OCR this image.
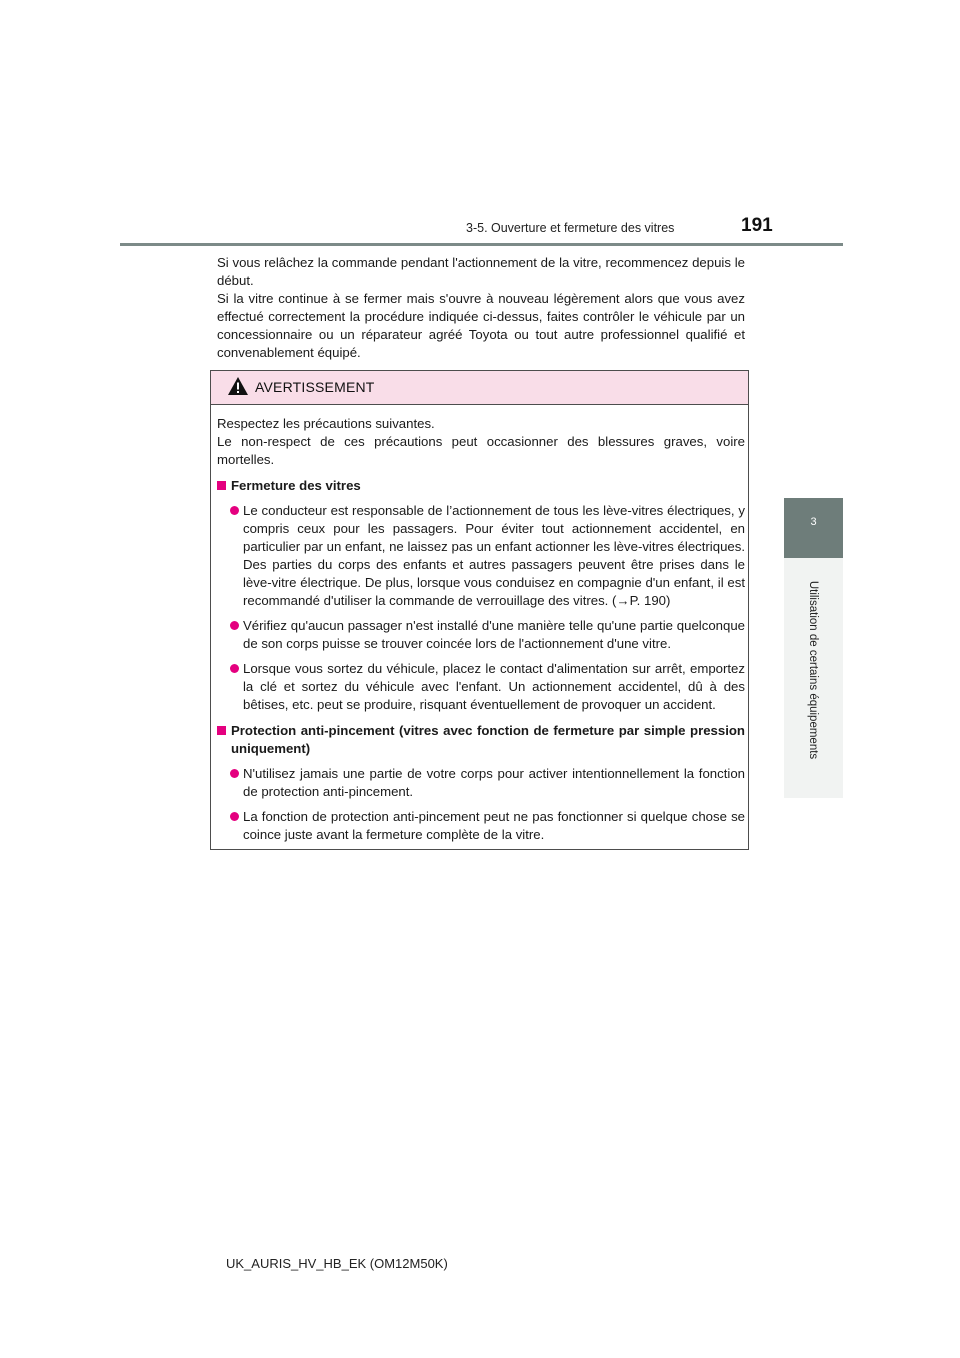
3-5. Ouverture et fermeture des vitres	191
3
Utilisation de certains équipements

Si vous relâchez la commande pendant l'actionnement de la vitre, recommencez depuis le début.

Si la vitre continue à se fermer mais s'ouvre à nouveau légèrement alors que vous avez effectué correctement la procédure indiquée ci-dessus, faites contrôler le véhicule par un concessionnaire ou un réparateur agréé Toyota ou tout autre professionnel qualifié et convenablement équipé.

AVERTISSEMENT

Respectez les précautions suivantes.

Le non-respect de ces précautions peut occasionner des blessures graves, voire mortelles.

Fermeture des vitres

Le conducteur est responsable de l’actionnement de tous les lève-vitres électriques, y compris ceux pour les passagers. Pour éviter tout actionnement accidentel, en particulier par un enfant, ne laissez pas un enfant actionner les lève-vitres électriques. Des parties du corps des enfants et autres passagers peuvent être prises dans le lève-vitre électrique. De plus, lorsque vous conduisez en compagnie d'un enfant, il est recommandé d'utiliser la commande de verrouillage des vitres. (→P. 190)

Vérifiez qu'aucun passager n'est installé d'une manière telle qu'une partie quelconque de son corps puisse se trouver coincée lors de l'actionnement d'une vitre.

Lorsque vous sortez du véhicule, placez le contact d'alimentation sur arrêt, emportez la clé et sortez du véhicule avec l'enfant. Un actionnement accidentel, dû à des bêtises, etc. peut se produire, risquant éventuellement de provoquer un accident.

Protection anti-pincement (vitres avec fonction de fermeture par simple pression uniquement)

N'utilisez jamais une partie de votre corps pour activer intentionnellement la fonction de protection anti-pincement.

La fonction de protection anti-pincement peut ne pas fonctionner si quelque chose se coince juste avant la fermeture complète de la vitre.

UK_AURIS_HV_HB_EK (OM12M50K)
